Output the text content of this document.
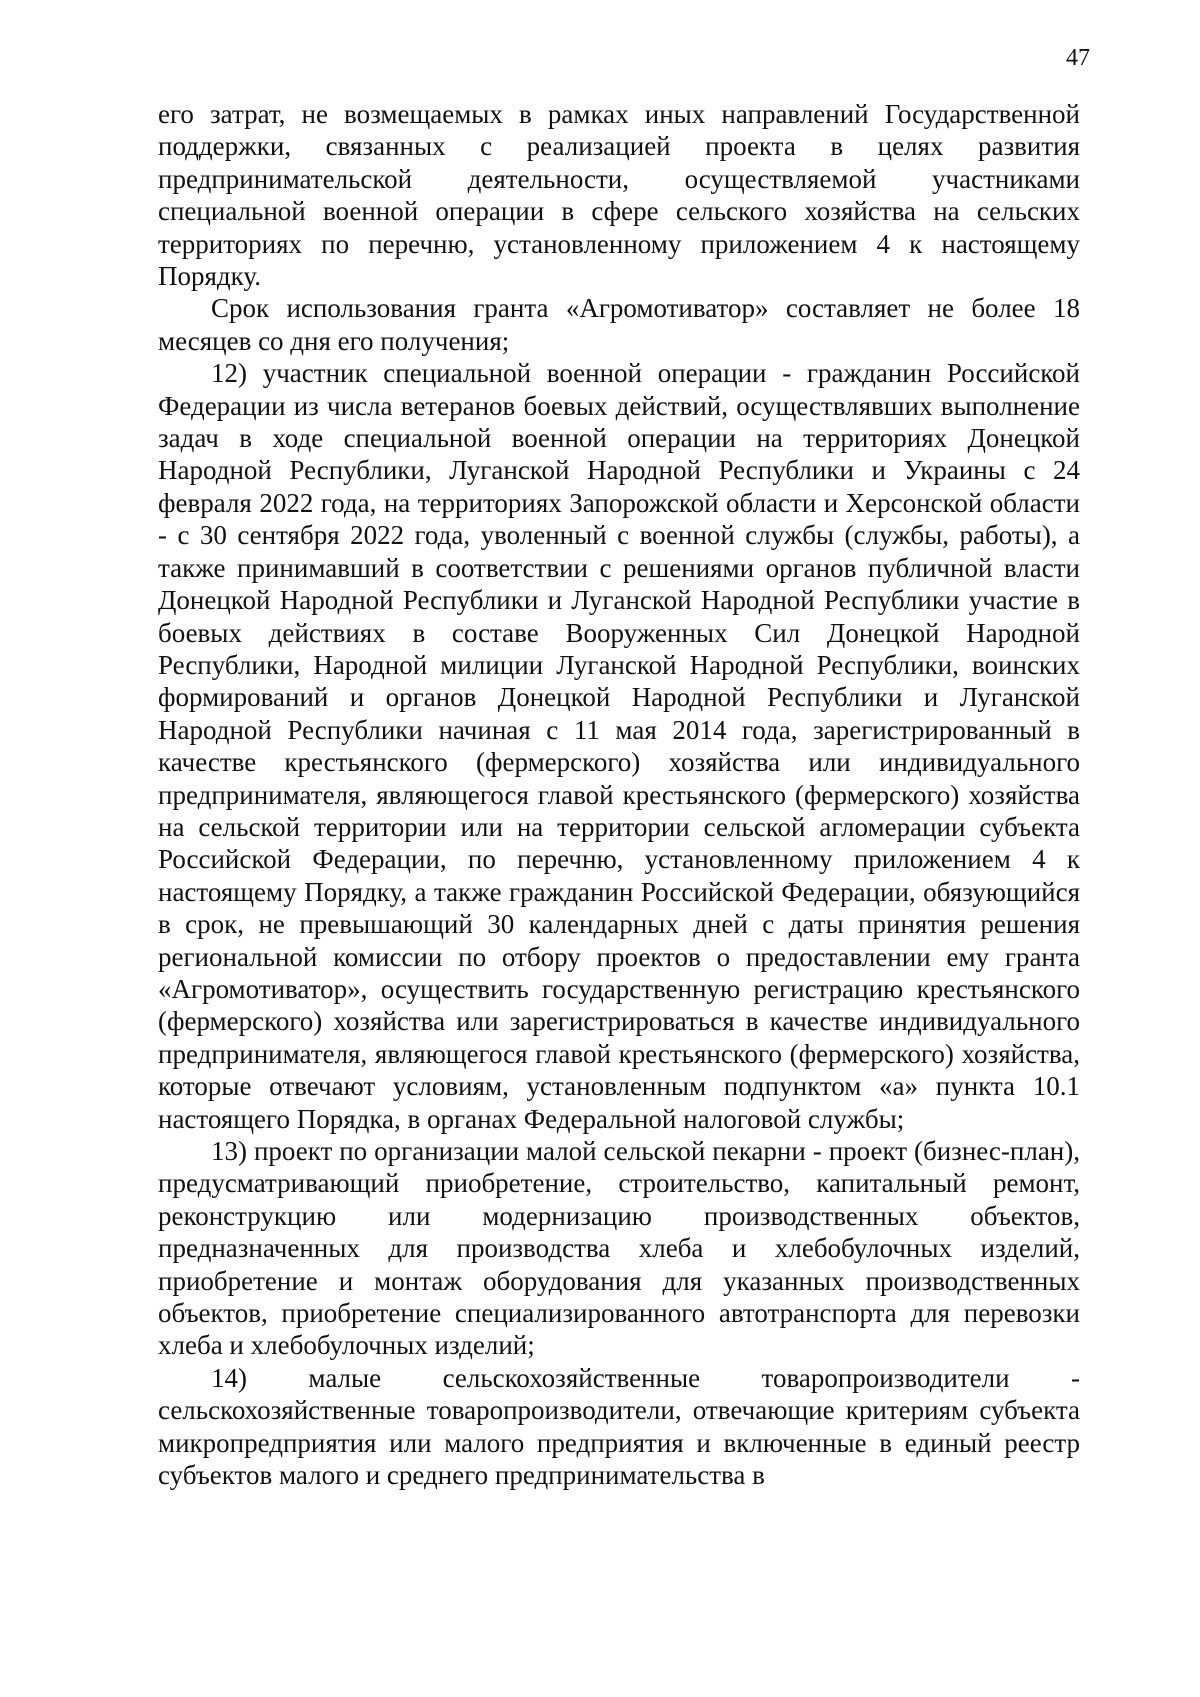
47

его затрат, не возмещаемых в рамках иных направлений Государственной поддержки, связанных с реализацией проекта в целях развития предпринимательской деятельности, осуществляемой участниками специальной военной операции в сфере сельского хозяйства на сельских территориях по перечню, установленному приложением 4 к настоящему Порядку.

Срок использования гранта «Агромотиватор» составляет не более 18 месяцев со дня его получения;

12) участник специальной военной операции - гражданин Российской Федерации из числа ветеранов боевых действий, осуществлявших выполнение задач в ходе специальной военной операции на территориях Донецкой Народной Республики, Луганской Народной Республики и Украины с 24 февраля 2022 года, на территориях Запорожской области и Херсонской области - с 30 сентября 2022 года, уволенный с военной службы (службы, работы), а также принимавший в соответствии с решениями органов публичной власти Донецкой Народной Республики и Луганской Народной Республики участие в боевых действиях в составе Вооруженных Сил Донецкой Народной Республики, Народной милиции Луганской Народной Республики, воинских формирований и органов Донецкой Народной Республики и Луганской Народной Республики начиная с 11 мая 2014 года, зарегистрированный в качестве крестьянского (фермерского) хозяйства или индивидуального предпринимателя, являющегося главой крестьянского (фермерского) хозяйства на сельской территории или на территории сельской агломерации субъекта Российской Федерации, по перечню, установленному приложением 4 к настоящему Порядку, а также гражданин Российской Федерации, обязующийся в срок, не превышающий 30 календарных дней с даты принятия решения региональной комиссии по отбору проектов о предоставлении ему гранта «Агромотиватор», осуществить государственную регистрацию крестьянского (фермерского) хозяйства или зарегистрироваться в качестве индивидуального предпринимателя, являющегося главой крестьянского (фермерского) хозяйства, которые отвечают условиям, установленным подпунктом «а» пункта 10.1 настоящего Порядка, в органах Федеральной налоговой службы;

13) проект по организации малой сельской пекарни - проект (бизнес-план), предусматривающий приобретение, строительство, капитальный ремонт, реконструкцию или модернизацию производственных объектов, предназначенных для производства хлеба и хлебобулочных изделий, приобретение и монтаж оборудования для указанных производственных объектов, приобретение специализированного автотранспорта для перевозки хлеба и хлебобулочных изделий;

14) малые сельскохозяйственные товаропроизводители - сельскохозяйственные товаропроизводители, отвечающие критериям субъекта микропредприятия или малого предприятия и включенные в единый реестр субъектов малого и среднего предпринимательства в
